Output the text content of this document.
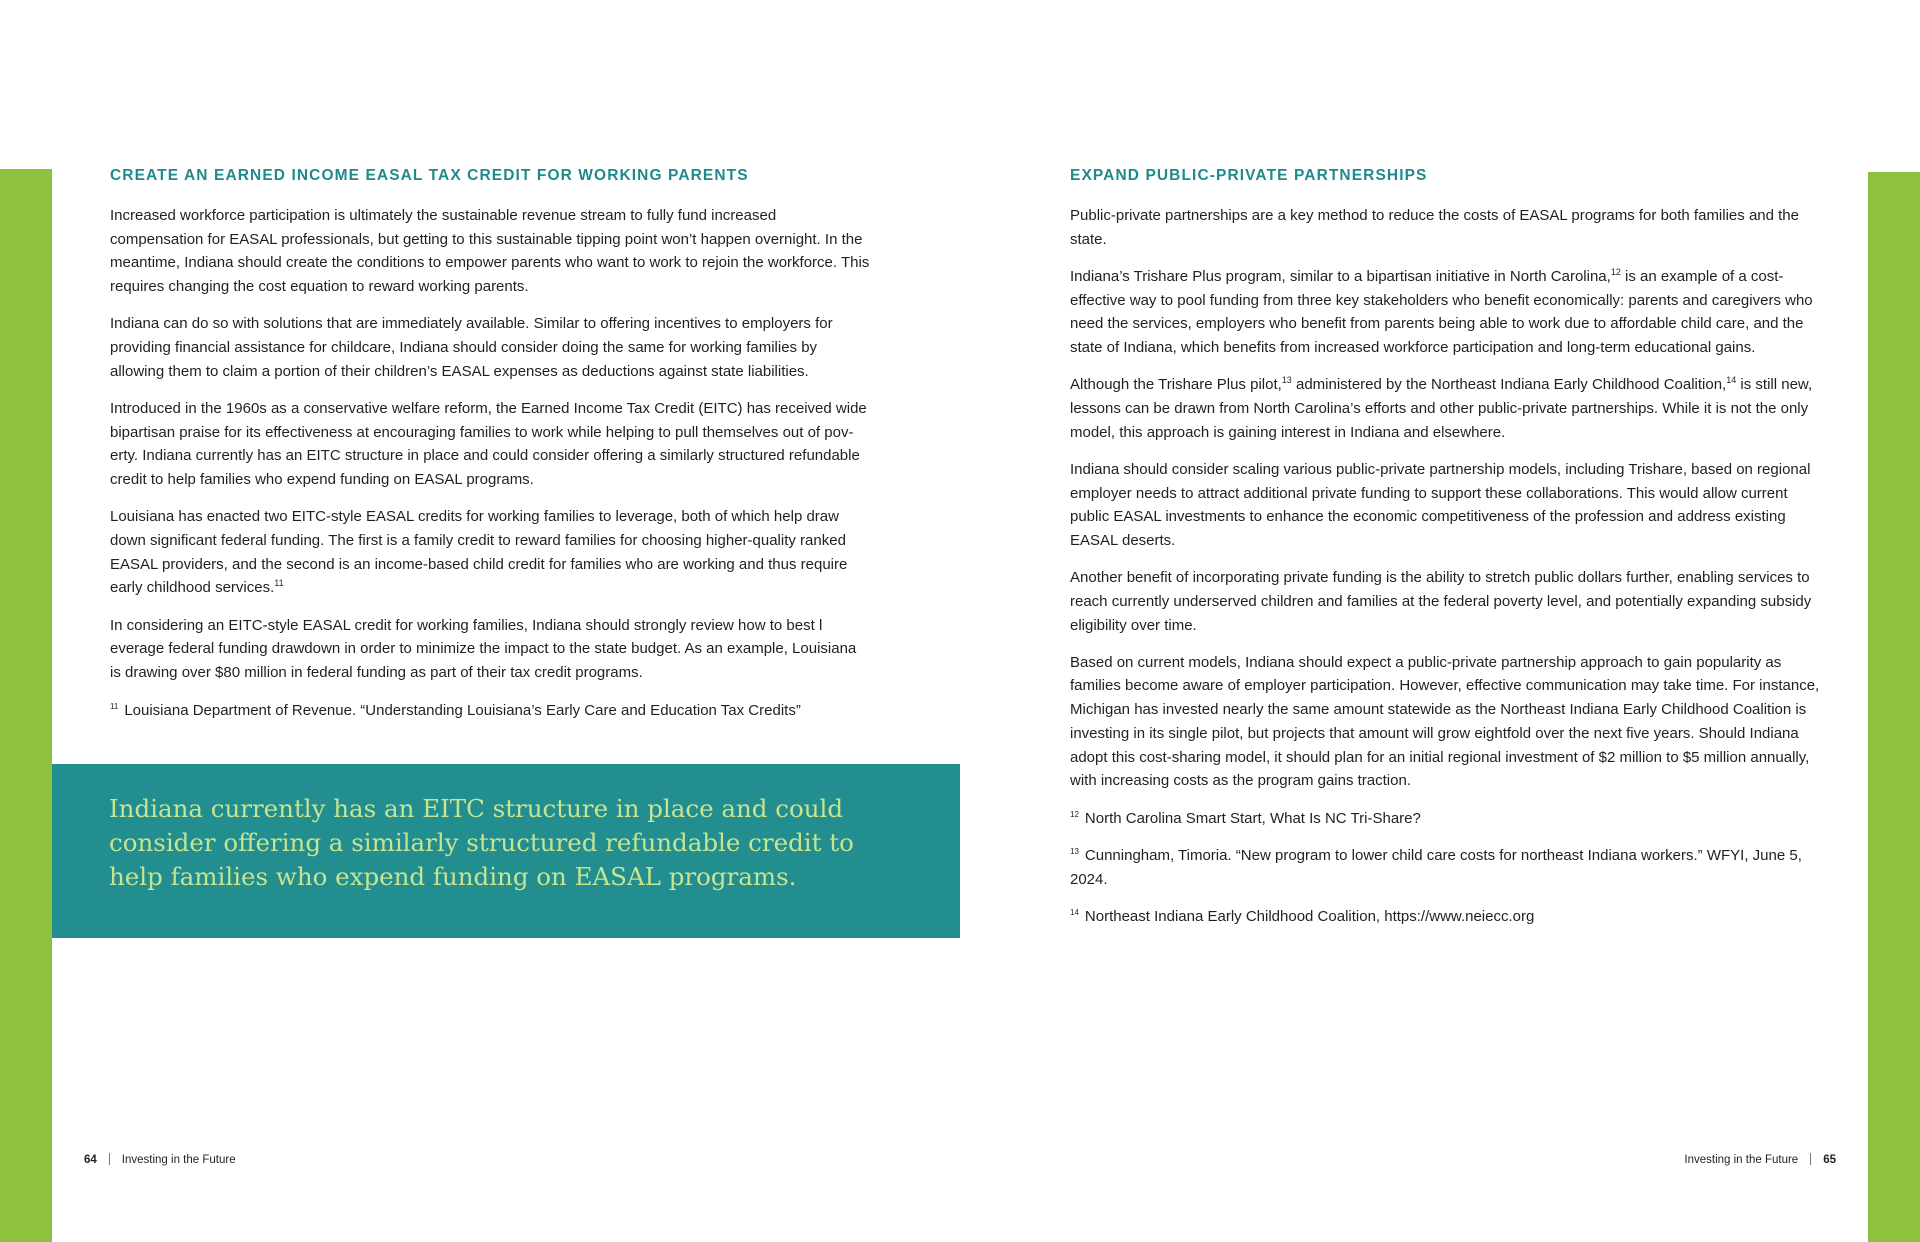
CREATE AN EARNED INCOME EASAL TAX CREDIT FOR WORKING PARENTS

Increased workforce participation is ultimately the sustainable revenue stream to fully fund increased compensation for EASAL professionals, but getting to this sustainable tipping point won’t happen overnight. In the meantime, Indiana should create the conditions to empower parents who want to work to rejoin the workforce. This requires changing the cost equation to reward working parents.

Indiana can do so with solutions that are immediately available. Similar to offering incentives to employers for providing financial assistance for childcare, Indiana should consider doing the same for working families by allowing them to claim a portion of their children’s EASAL expenses as deductions against state liabilities.

Introduced in the 1960s as a conservative welfare reform, the Earned Income Tax Credit (EITC) has received wide bipartisan praise for its effectiveness at encouraging families to work while helping to pull themselves out of pov-erty. Indiana currently has an EITC structure in place and could consider offering a similarly structured refundable credit to help families who expend funding on EASAL programs.

Louisiana has enacted two EITC-style EASAL credits for working families to leverage, both of which help draw down significant federal funding. The first is a family credit to reward families for choosing higher-quality ranked EASAL providers, and the second is an income-based child credit for families who are working and thus require early childhood services.$^{11}$

In considering an EITC-style EASAL credit for working families, Indiana should strongly review how to best l everage federal funding drawdown in order to minimize the impact to the state budget. As an example, Louisiana is drawing over $80 million in federal funding as part of their tax credit programs.

$^{11}$ Louisiana Department of Revenue. “Understanding Louisiana’s Early Care and Education Tax Credits”

Indiana currently has an EITC structure in place and could consider offering a similarly structured refundable credit to help families who expend funding on EASAL programs.

EXPAND PUBLIC-PRIVATE PARTNERSHIPS

Public-private partnerships are a key method to reduce the costs of EASAL programs for both families and the state.

Indiana’s Trishare Plus program, similar to a bipartisan initiative in North Carolina,$^{12}$ is an example of a cost-effective way to pool funding from three key stakeholders who benefit economically: parents and caregivers who need the services, employers who benefit from parents being able to work due to affordable child care, and the state of Indiana, which benefits from increased workforce participation and long-term educational gains.

Although the Trishare Plus pilot,$^{13}$ administered by the Northeast Indiana Early Childhood Coalition,$^{14}$ is still new, lessons can be drawn from North Carolina’s efforts and other public-private partnerships. While it is not the only model, this approach is gaining interest in Indiana and elsewhere.

Indiana should consider scaling various public-private partnership models, including Trishare, based on regional employer needs to attract additional private funding to support these collaborations. This would allow current public EASAL investments to enhance the economic competitiveness of the profession and address existing EASAL deserts.

Another benefit of incorporating private funding is the ability to stretch public dollars further, enabling services to reach currently underserved children and families at the federal poverty level, and potentially expanding subsidy eligibility over time.

Based on current models, Indiana should expect a public-private partnership approach to gain popularity as families become aware of employer participation. However, effective communication may take time. For instance, Michigan has invested nearly the same amount statewide as the Northeast Indiana Early Childhood Coalition is investing in its single pilot, but projects that amount will grow eightfold over the next five years. Should Indiana adopt this cost-sharing model, it should plan for an initial regional investment of $2 million to $5 million annually, with increasing costs as the program gains traction.

$^{12}$ North Carolina Smart Start, What Is NC Tri-Share?

$^{13}$ Cunningham, Timoria. “New program to lower child care costs for northeast Indiana workers.” WFYI, June 5, 2024.

$^{14}$ Northeast Indiana Early Childhood Coalition, https://www.neiecc.org

64 Investing in the Future	Investing in the Future 65
